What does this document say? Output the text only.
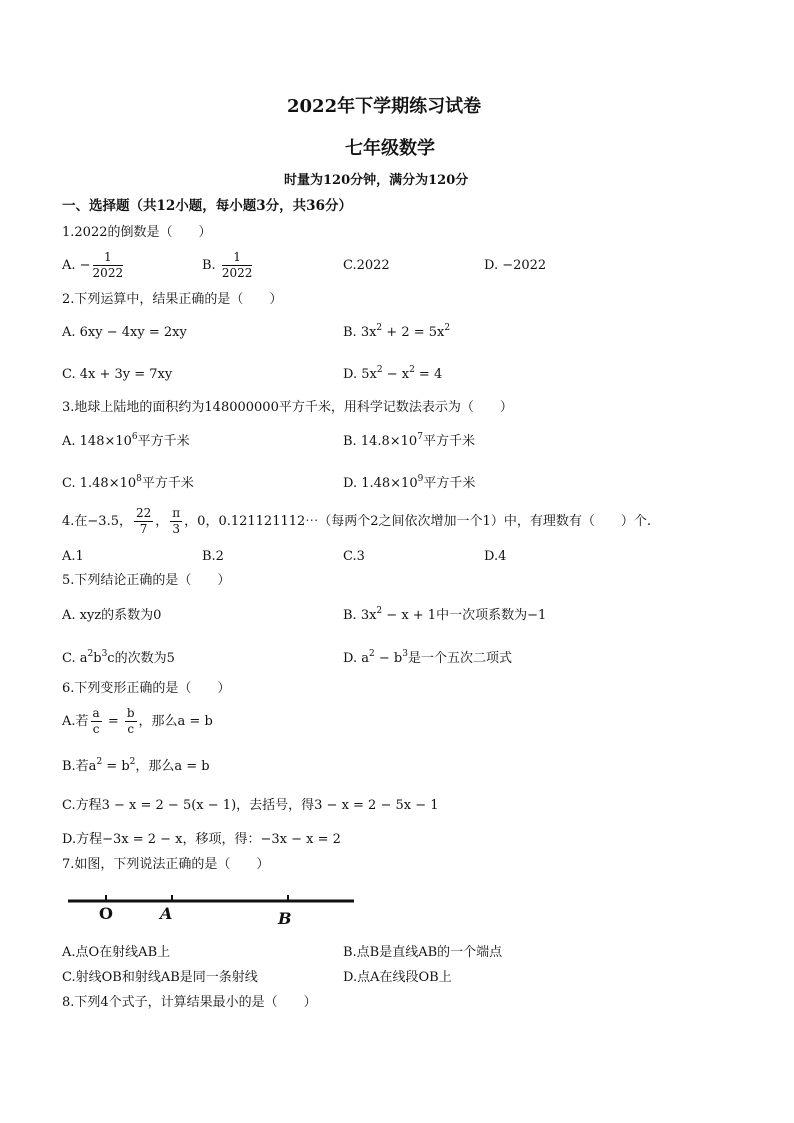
2022年下学期练习试卷
七年级数学
时量为120分钟，满分为120分
一、选择题（共12小题，每小题3分，共36分）
1.2022的倒数是（　　）
A. − $\frac{1}{2022}$	B. $\frac{1}{2022}$	C.2022	D. −2022
2.下列运算中，结果正确的是（　　）
A. 6xy − 4xy = 2xy	B. $3x^2 + 2 = 5x^2$
C. 4x + 3y = 7xy	D. $5x^2 - x^2 = 4$
3.地球上陆地的面积约为148000000平方千米，用科学记数法表示为（　　）
A. $148\times 10^6$平方千米	B. $14.8\times 10^7$平方千米
C. $1.48\times 10^8$平方千米	D. $1.48\times 10^9$平方千米
4.在−3.5， $\frac{22}{7}$ ， $\frac{\pi}{3}$ ，0，0.121121112⋯（每两个2之间依次增加一个1）中，有理数有（　　）个.
A.1	B.2	C.3	D.4
5.下列结论正确的是（　　）
A. xyz的系数为0	B. $3x^2 - x + 1$中一次项系数为−1
C. $a^2b^3c$的次数为5	D. $a^2 - b^3$是一个五次二项式
6.下列变形正确的是（　　）
A.若 $\frac{a}{c} = \frac{b}{c}$ ，那么a = b
B.若$a^2 = b^2$，那么a = b
C.方程3 − x = 2 − 5(x − 1)，去括号，得3 − x = 2 − 5x − 1
D.方程−3x = 2 − x，移项，得：−3x − x = 2
7.如图，下列说法正确的是（　　）
O	A	B
A.点O在射线AB上	B.点B是直线AB的一个端点
C.射线OB和射线AB是同一条射线	D.点A在线段OB上
8.下列4个式子，计算结果最小的是（　　）
